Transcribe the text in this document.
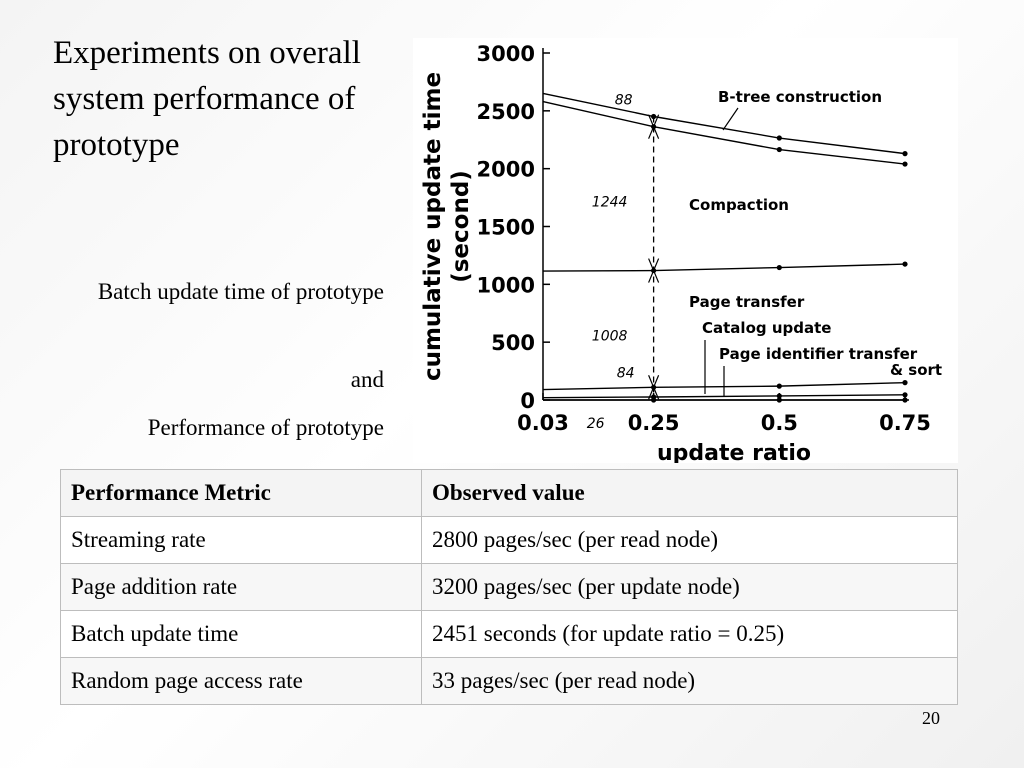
Experiments on overall system performance of prototype
Batch update time of prototype
and
Performance of prototype
0
500
1000
1500
2000
2500
3000
0.03	0.25	0.5	0.75
update ratio
cumulative update time (second)
88
1244
1008
84
26
B-tree construction
Compaction
Page transfer
Catalog update
Page identifier transfer
& sort
Performance Metric	Observed value
Streaming rate	2800 pages/sec (per read node)
Page addition rate	3200 pages/sec (per update node)
Batch update time	2451 seconds (for update ratio = 0.25)
Random page access rate	33 pages/sec (per read node)
20
